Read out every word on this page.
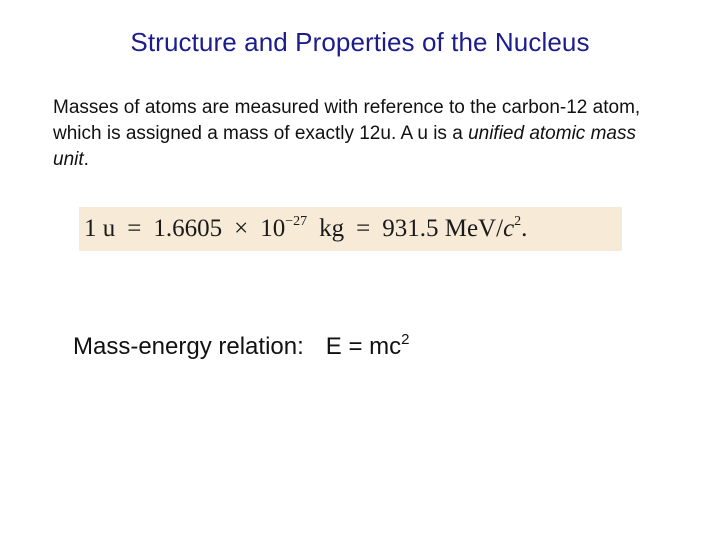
Structure and Properties of the Nucleus
Masses of atoms are measured with reference to the carbon-12 atom, which is assigned a mass of exactly 12u. A u is a unified atomic mass unit.
1 $u = 1.6605 \times 10^{-27}$ kg = 931.5 MeV/$c^2$.
Mass-energy relation: $E = mc^2$
